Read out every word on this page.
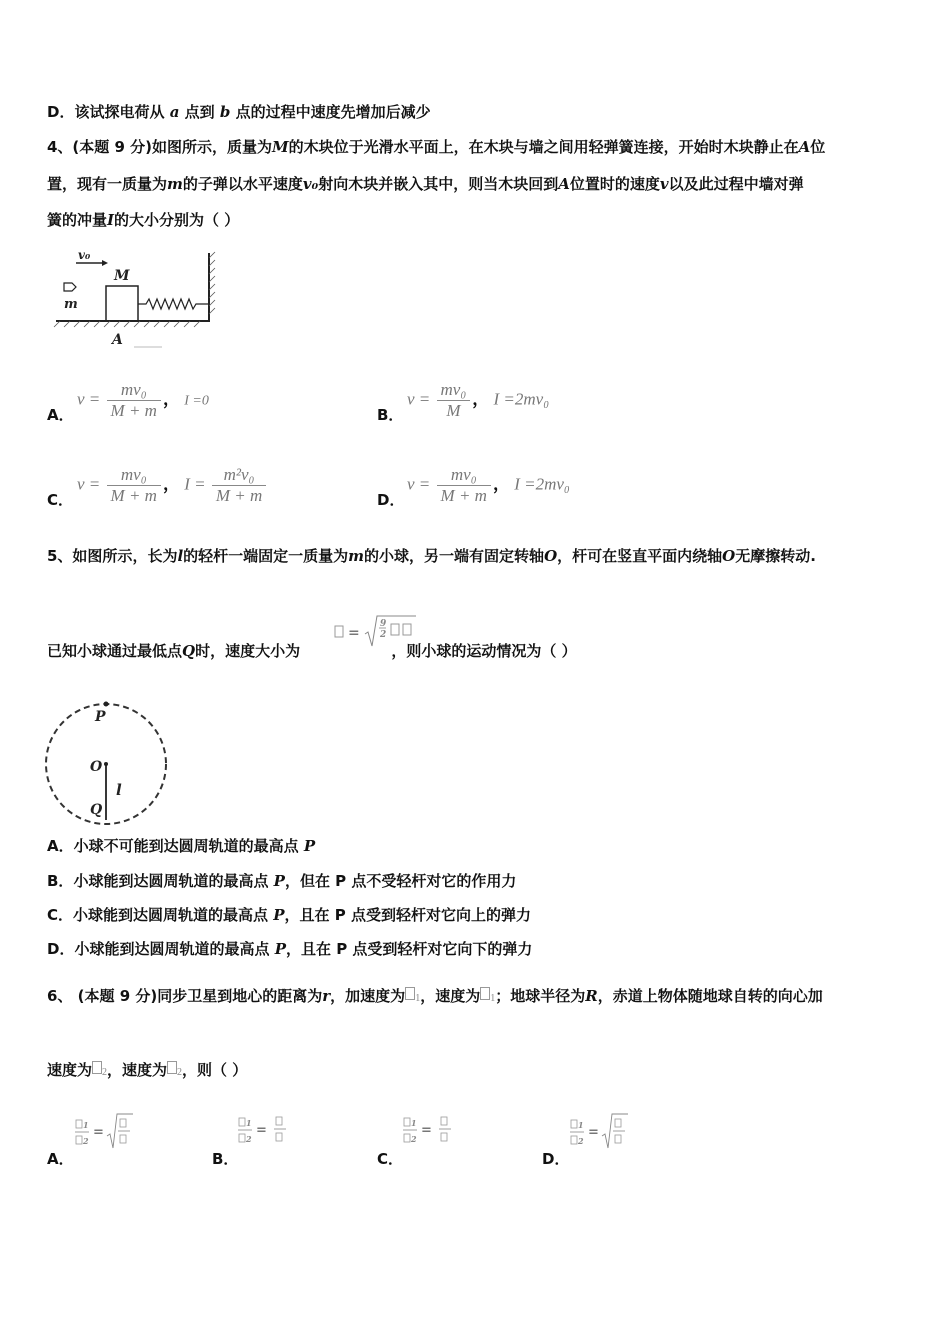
D．该试探电荷从 a 点到 b 点的过程中速度先增加后减少
4、(本题 9 分)如图所示，质量为M的木块位于光滑水平面上，在木块与墙之间用轻弹簧连接，开始时木块静止在A位
置，现有一质量为m的子弹以水平速度v₀射向木块并嵌入其中，则当木块回到A位置时的速度v以及此过程中墙对弹
簧的冲量I的大小分别为（ ）
v₀
m
M
A
A．
$v = \frac{\text{mv₀}}{M + m}$ ， I =0
B．
$v = \frac{\text{mv₀}}{M}$ ， I =2mv₀
C．
$v = \frac{\text{mv₀}}{M + m}$ ， $I = \frac{\text{m²v₀}}{M + m}$	D．
$v = \frac{\text{mv₀}}{M + m}$ ， I =2mv₀
5、如图所示，长为l的轻杆一端固定一质量为m的小球，另一端有固定转轴O，杆可在竖直平面内绕轴O无摩擦转动.
已知小球通过最低点Q时，速度大小为	，则小球的运动情况为（ ）
=
9
2
P
O
Q
l
A．小球不可能到达圆周轨道的最高点 P
B．小球能到达圆周轨道的最高点 P，但在 P 点不受轻杆对它的作用力
C．小球能到达圆周轨道的最高点 P，且在 P 点受到轻杆对它向上的弹力
D．小球能到达圆周轨道的最高点 P，且在 P 点受到轻杆对它向下的弹力
6、 (本题 9 分)同步卫星到地心的距离为r，加速度为 1，速度为 1；地球半径为R，赤道上物体随地球自转的向心加
速度为 2，速度为 2，则（ ）
A．
1
2
=
B．
1
2
=
C．
1
2
=
D．
1
2
=
